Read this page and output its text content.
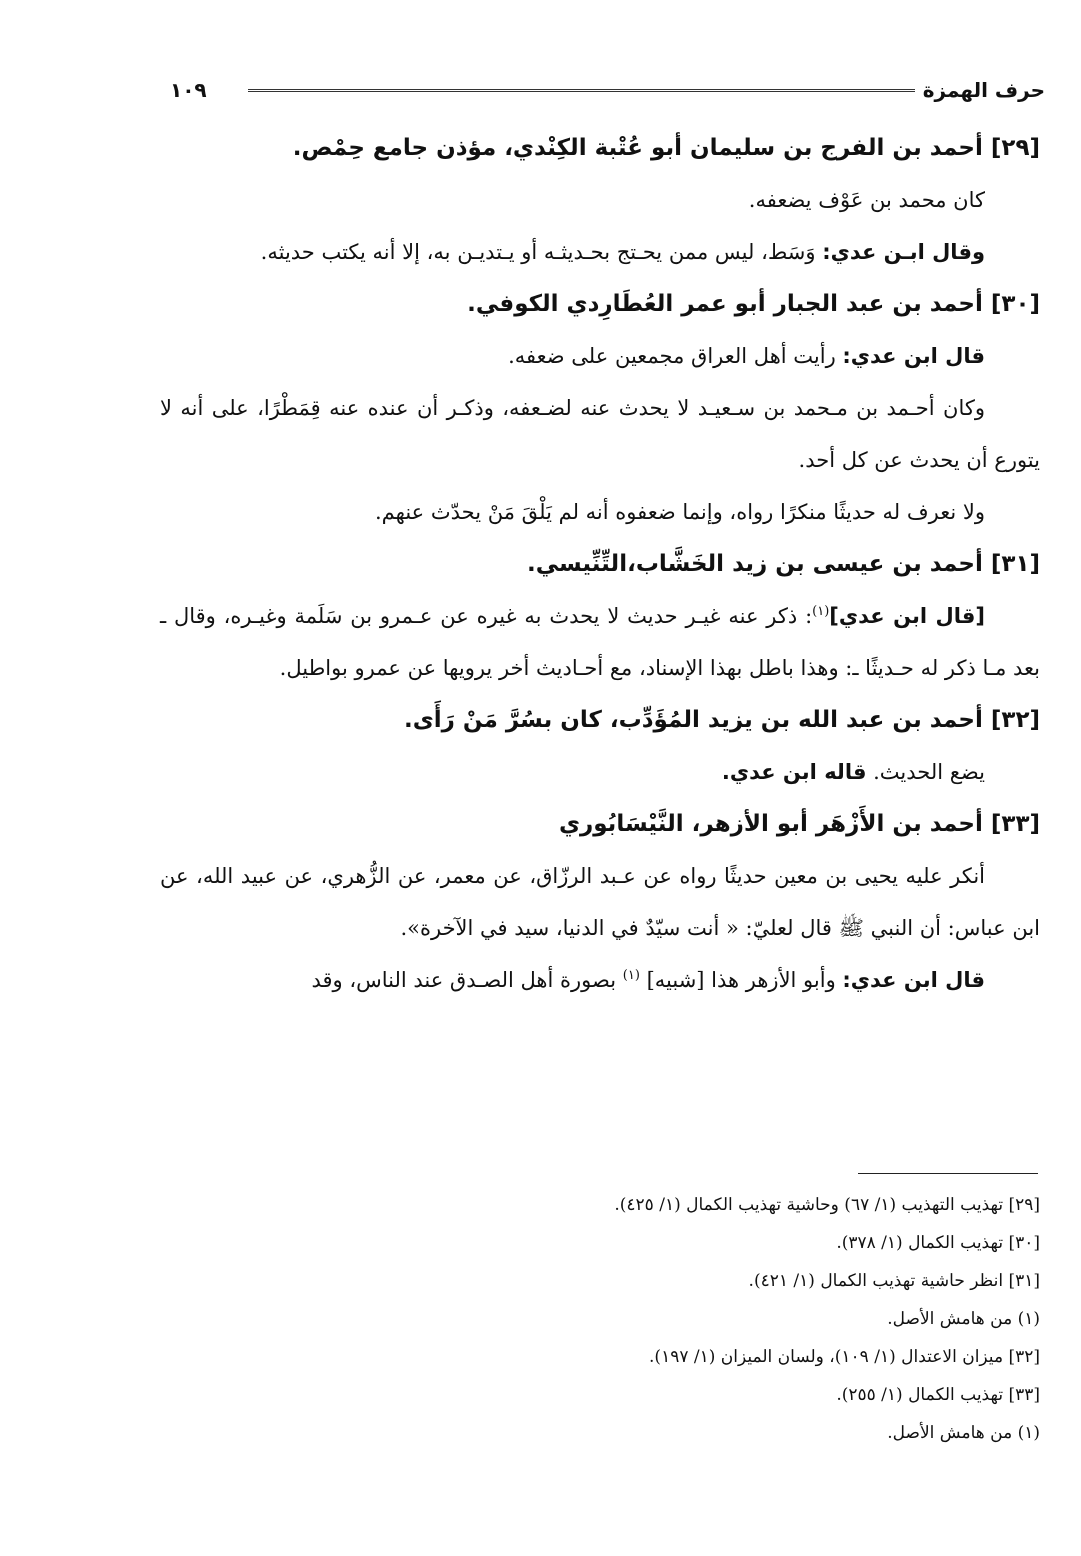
١٠٩	حرف الهمزة

[٢٩] أحمد بن الفرج بن سليمان أبو عُتْبة الكِنْدي، مؤذن جامع حِمْص.

كان محمد بن عَوْف يضعفه.

وقال ابـن عدي: وَسَط، ليس ممن يحـتج بحـديثـه أو يـتديـن به، إلا أنه يكتب حديثه.

[٣٠] أحمد بن عبد الجبار أبو عمر العُطَارِدي الكوفي.

قال ابن عدي: رأيت أهل العراق مجمعين على ضعفه.

وكان أحـمد بن مـحمد بن سـعيـد لا يحدث عنه لضـعفه، وذكـر أن عنده عنه قِمَطْرًا، على أنه لا يتورع أن يحدث عن كل أحد.

ولا نعرف له حديثًا منكرًا رواه، وإنما ضعفوه أنه لم يَلْقَ مَنْ يحدّث عنهم.

[٣١] أحمد بن عيسى بن زيد الخَشَّاب،التِّنِّيسي.

[قال ابن عدي]$^{(١)}$: ذكر عنه غيـر حديث لا يحدث به غيره عن عـمرو بن سَلَمة وغيـره، وقال ـ بعد مـا ذكر له حـديثًا ـ: وهذا باطل بهذا الإسناد، مع أحـاديث أخر يرويها عن عمرو بواطيل.

[٣٢] أحمد بن عبد الله بن يزيد المُؤَدِّب، كان بسُرَّ مَنْ رَأَى.

يضع الحديث. قاله ابن عدي.

[٣٣] أحمد بن الأَزْهَر أبو الأزهر، النَّيْسَابُوري

أنكر عليه يحيى بن معين حديثًا رواه عن عـبد الرزّاق، عن معمر، عن الزُّهري، عن عبيد الله، عن ابن عباس: أن النبي ﷺ قال لعليّ: « أنت سيّدٌ في الدنيا، سيد في الآخرة».

قال ابن عدي: وأبو الأزهر هذا [شبيه] $^{(١)}$ بصورة أهل الصـدق عند الناس، وقد

[٢٩] تهذيب التهذيب (١/ ٦٧) وحاشية تهذيب الكمال (١/ ٤٢٥).

[٣٠] تهذيب الكمال (١/ ٣٧٨).

[٣١] انظر حاشية تهذيب الكمال (١/ ٤٢١).

(١) من هامش الأصل.

[٣٢] ميزان الاعتدال (١/ ١٠٩)، ولسان الميزان (١/ ١٩٧).

[٣٣] تهذيب الكمال (١/ ٢٥٥).

(١) من هامش الأصل.
